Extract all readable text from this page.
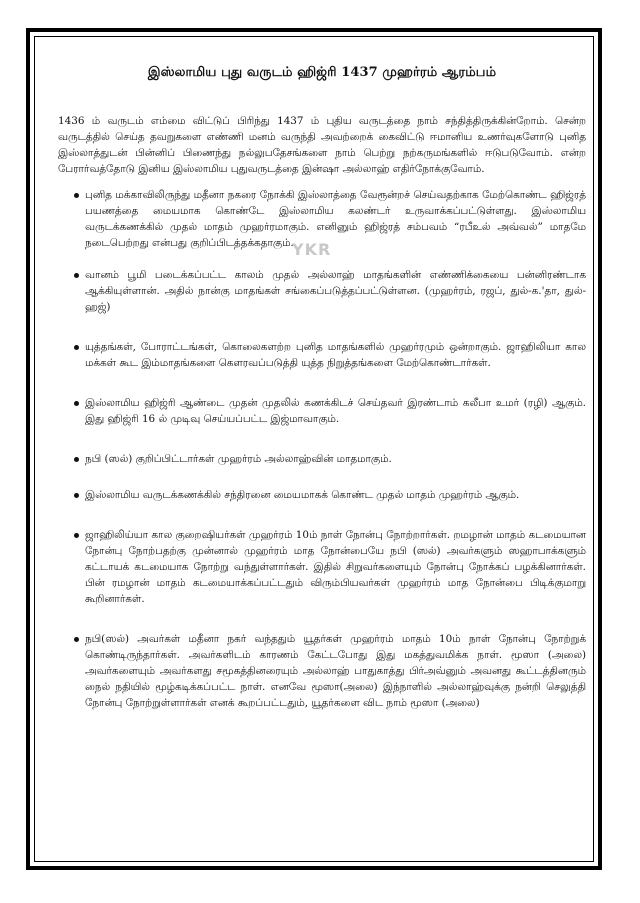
YKR
இஸ்லாமிய புது வருடம் ஹிஜ்ரி 1437 முஹர்ரம் ஆரம்பம்

1436 ம் வருடம் எம்மை விட்டுப் பிரிந்து 1437 ம் புதிய வருடத்தை நாம் சந்தித்திருக்கின்றோம். சென்ற வருடத்தில் செய்த தவறுகளை எண்ணி மனம் வருந்தி அவற்றைக் கைவிட்டு ஈமானிய உணர்வுகளோடு புனித இஸ்லாத்துடன் பின்னிப் பிணைந்து நல்லுபதேசங்களை நாம் பெற்று நற்கருமங்களில் ஈடுபடுவோம். என்ற பேரார்வத்தோடு இனிய இஸ்லாமிய புதுவருடத்தை இன்ஷா அல்லாஹ் எதிர்நோக்குவோம்.

புனித மக்காவிலிருந்து மதீனா நகரை நோக்கி இஸ்லாத்தை வேரூன்றச் செய்வதற்காக மேற்கொண்ட ஹிஜ்ரத் பயணத்தை மையமாக கொண்டே இஸ்லாமிய கலண்டர் உருவாக்கப்பட்டுள்ளது. இஸ்லாமிய வருடக்கணக்கில் முதல் மாதம் முஹர்ரமாகும். எனினும் ஹிஜ்ரத் சம்பவம் “ரபீஉல் அவ்வல்” மாதமே நடைபெற்றது என்பது குறிப்பிடத்தக்கதாகும்.
வானம் பூமி படைக்கப்பட்ட காலம் முதல் அல்லாஹ் மாதங்களின் எண்ணிக்கையை பன்னிரண்டாக ஆக்கியுள்ளான். அதில் நான்கு மாதங்கள் சங்கைப்படுத்தப்பட்டுள்ளன. (முஹர்ரம், ரஜப், துல்-க.'தா, துல்-ஹஜ்)
யுத்தங்கள், போராட்டங்கள், கொலைகளற்ற புனித மாதங்களில் முஹர்ரமும் ஒன்றாகும். ஜாஹிலியா கால மக்கள் கூட இம்மாதங்களை கௌரவப்படுத்தி யுத்த நிறுத்தங்களை மேற்கொண்டார்கள்.
இஸ்லாமிய ஹிஜ்ரி ஆண்டை முதன் முதலில் கணக்கிடச் செய்தவர் இரண்டாம் கலீபா உமர் (ரழி) ஆகும். இது ஹிஜ்ரி 16 ல் முடிவு செய்யப்பட்ட இஜ்மாவாகும்.
நபி (ஸல்) குறிப்பிட்டார்கள் முஹர்ரம் அல்லாஹ்வின் மாதமாகும்.
இஸ்லாமிய வருடக்கணக்கில் சந்திரனை மையமாகக் கொண்ட முதல் மாதம் முஹர்ரம் ஆகும்.
ஜாஹிலிய்யா கால குறைஷியர்கள் முஹர்ரம் 10ம் நாள் நோன்பு நோற்றார்கள். றமழான் மாதம் கடமையான நோன்பு நோற்பதற்கு முன்னால் முஹர்ரம் மாத நோன்பையே நபி (ஸல்) அவர்களும் ஸஹாபாக்களும் கட்டாயக் கடமையாக நோற்று வந்துள்ளார்கள். இதில் சிறுவர்களையும் நோன்பு நோக்கப் பழக்கினார்கள். பின் ரமழான் மாதம் கடமையாக்கப்பட்டதும் விரும்பியவர்கள் முஹர்ரம் மாத நோன்பை பிடிக்குமாறு கூறினார்கள்.
நபி(ஸல்) அவர்கள் மதீனா நகர் வந்ததும் யூதர்கள் முஹர்ரம் மாதம் 10ம் நாள் நோன்பு நோற்றுக் கொண்டிருந்தார்கள். அவர்களிடம் காரணம் கேட்டபோது இது மகத்துவமிக்க நாள். மூஸா (அலை) அவர்களையும் அவர்களது சமூகத்தினரையும் அல்லாஹ் பாதுகாத்து பிர்அவ்னும் அவனது கூட்டத்தினரும் நைல் நதியில் மூழ்கடிக்கப்பட்ட நாள். எனவே மூஸா(அலை) இந்நாளில் அல்லாஹ்வுக்கு நன்றி செலுத்தி நோன்பு நோற்றுள்ளார்கள் எனக் கூறப்பட்டதும், யூதர்களை விட நாம் மூஸா (அலை)
